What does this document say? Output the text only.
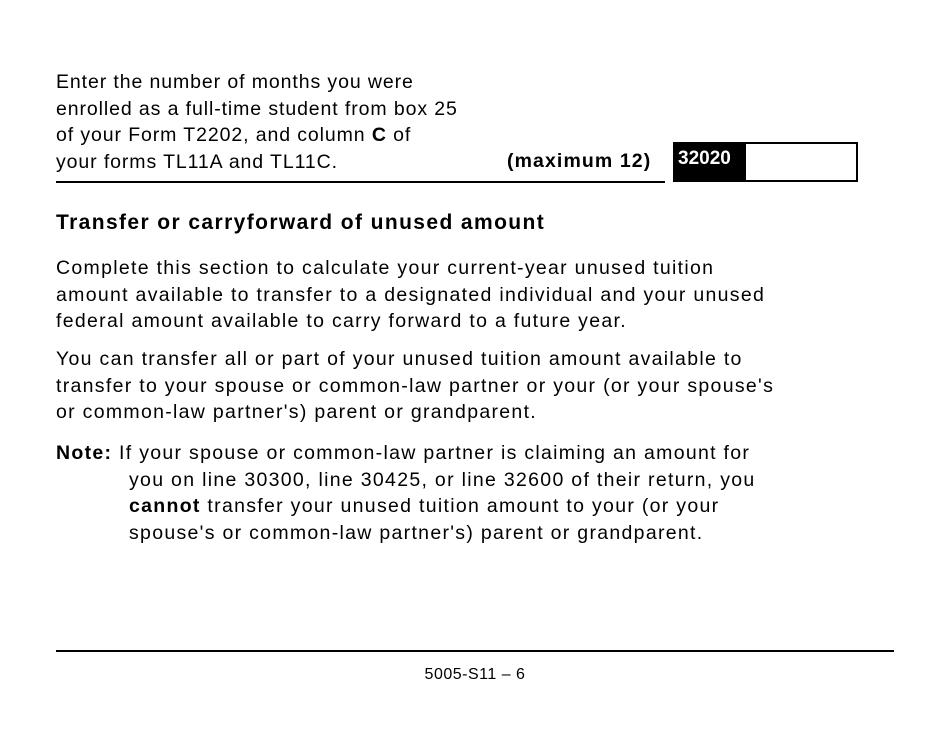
Enter the number of months you were
enrolled as a full-time student from box 25
of your Form T2202, and column C of
your forms TL11A and TL11C.	(maximum 12) 32020
Transfer or carryforward of unused amount
Complete this section to calculate your current-year unused tuition
amount available to transfer to a designated individual and your unused
federal amount available to carry forward to a future year.
You can transfer all or part of your unused tuition amount available to
transfer to your spouse or common-law partner or your (or your spouse's
or common-law partner's) parent or grandparent.
Note: If your spouse or common-law partner is claiming an amount for
you on line 30300, line 30425, or line 32600 of their return, you
cannot transfer your unused tuition amount to your (or your
spouse's or common-law partner's) parent or grandparent.
5005-S11 – 6
